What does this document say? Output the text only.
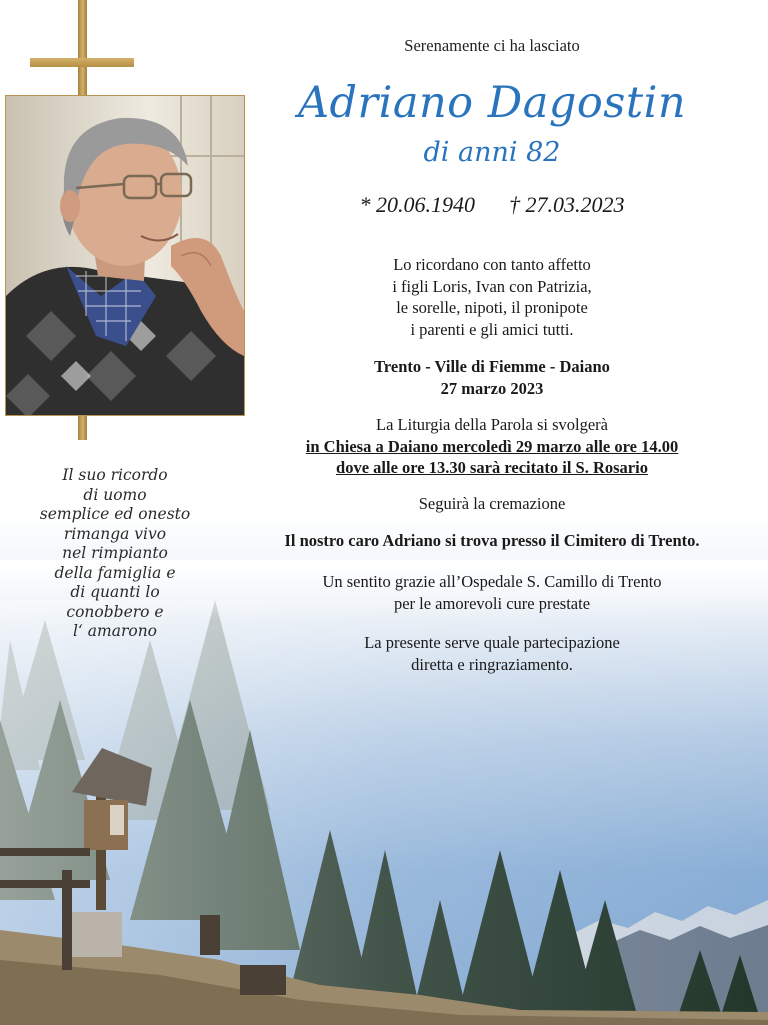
Il suo ricordo
di uomo
semplice ed onesto
rimanga vivo
nel rimpianto
della famiglia e
di quanti lo
conobbero e
l‘ amarono
Serenamente ci ha lasciato
Adriano Dagostin
di anni 82
* 20.06.1940 † 27.03.2023
Lo ricordano con tanto affetto
i figli Loris, Ivan con Patrizia,
le sorelle, nipoti, il pronipote
i parenti e gli amici tutti.
Trento - Ville di Fiemme - Daiano
27 marzo 2023
La Liturgia della Parola si svolgerà
in Chiesa a Daiano mercoledì 29 marzo alle ore 14.00
dove alle ore 13.30 sarà recitato il S. Rosario
Seguirà la cremazione
Il nostro caro Adriano si trova presso il Cimitero di Trento.
Un sentito grazie all’Ospedale S. Camillo di Trento
per le amorevoli cure prestate
La presente serve quale partecipazione
diretta e ringraziamento.
